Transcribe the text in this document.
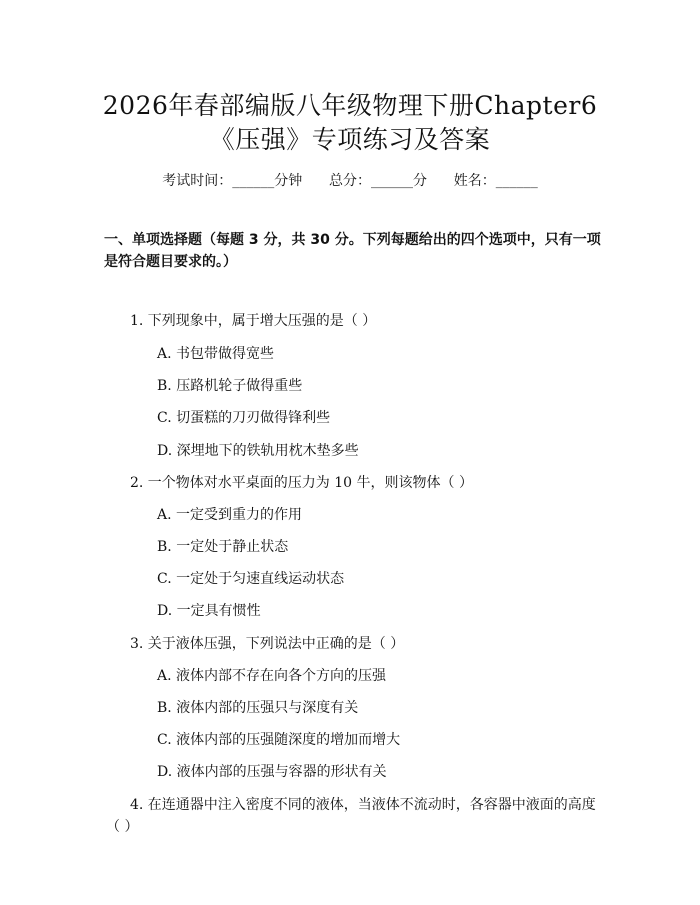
2026年春部编版八年级物理下册Chapter6
《压强》专项练习及答案
考试时间：______分钟      总分：______分      姓名：______
一、单项选择题（每题 3 分，共 30 分。下列每题给出的四个选项中，只有一项是符合题目要求的。）
1. 下列现象中，属于增大压强的是（ ）
A. 书包带做得宽些
B. 压路机轮子做得重些
C. 切蛋糕的刀刃做得锋利些
D. 深埋地下的铁轨用枕木垫多些
2. 一个物体对水平桌面的压力为 10 牛，则该物体（ ）
A. 一定受到重力的作用
B. 一定处于静止状态
C. 一定处于匀速直线运动状态
D. 一定具有惯性
3. 关于液体压强，下列说法中正确的是（ ）
A. 液体内部不存在向各个方向的压强
B. 液体内部的压强只与深度有关
C. 液体内部的压强随深度的增加而增大
D. 液体内部的压强与容器的形状有关
4. 在连通器中注入密度不同的液体，当液体不流动时，各容器中液面的高度（ ）
